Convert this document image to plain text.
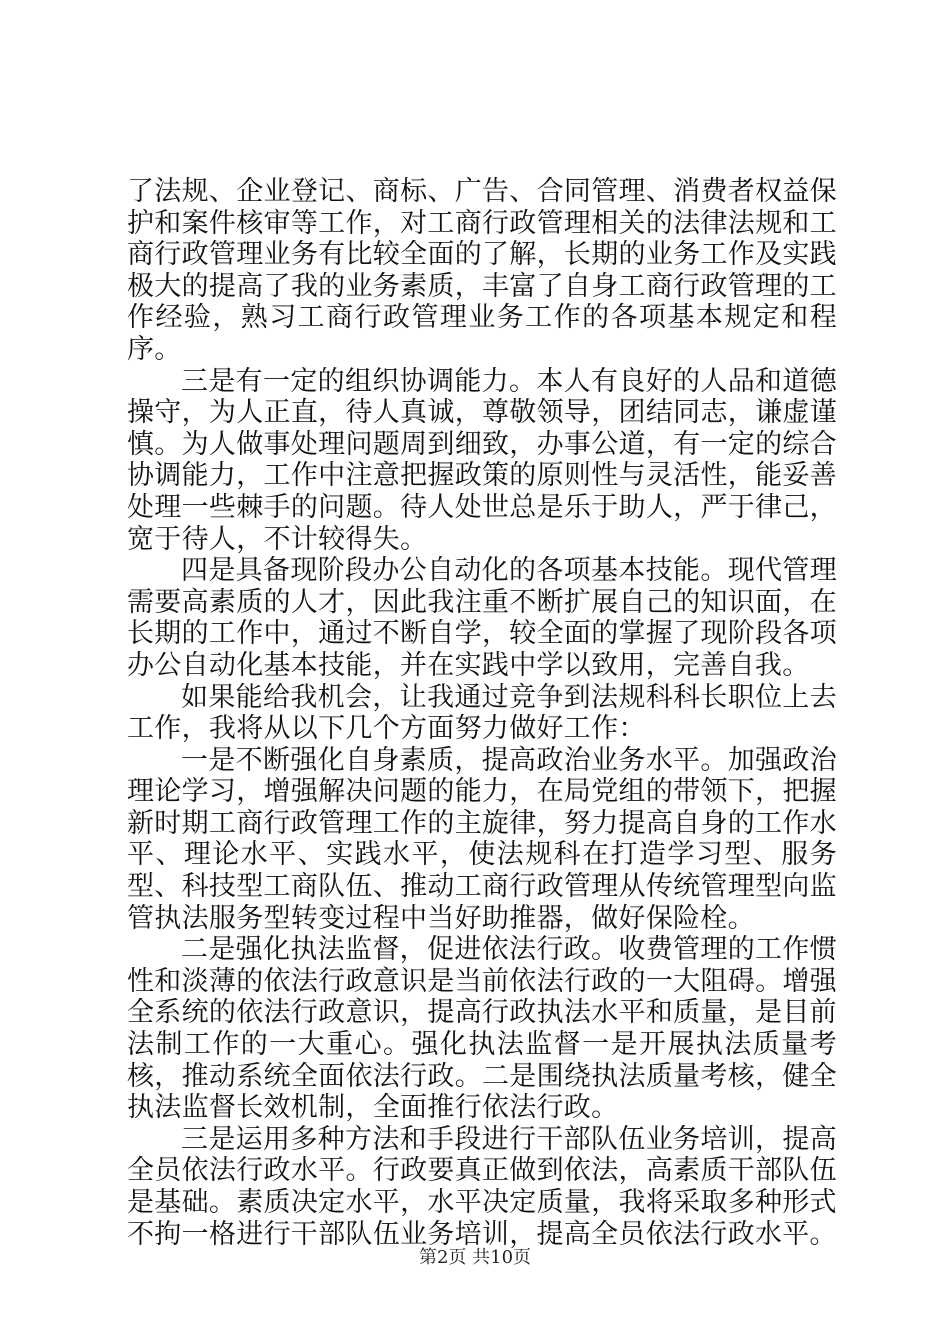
了法规、企业登记、商标、广告、合同管理、消费者权益保护和案件核审等工作，对工商行政管理相关的法律法规和工商行政管理业务有比较全面的了解，长期的业务工作及实践极大的提高了我的业务素质，丰富了自身工商行政管理的工作经验，熟习工商行政管理业务工作的各项基本规定和程序。

三是有一定的组织协调能力。本人有良好的人品和道德操守，为人正直，待人真诚，尊敬领导，团结同志，谦虚谨慎。为人做事处理问题周到细致，办事公道，有一定的综合协调能力，工作中注意把握政策的原则性与灵活性，能妥善处理一些棘手的问题。待人处世总是乐于助人，严于律己，宽于待人，不计较得失。

四是具备现阶段办公自动化的各项基本技能。现代管理需要高素质的人才，因此我注重不断扩展自己的知识面，在长期的工作中，通过不断自学，较全面的掌握了现阶段各项办公自动化基本技能，并在实践中学以致用，完善自我。

如果能给我机会，让我通过竞争到法规科科长职位上去工作，我将从以下几个方面努力做好工作：

一是不断强化自身素质，提高政治业务水平。加强政治理论学习，增强解决问题的能力，在局党组的带领下，把握新时期工商行政管理工作的主旋律，努力提高自身的工作水平、理论水平、实践水平，使法规科在打造学习型、服务型、科技型工商队伍、推动工商行政管理从传统管理型向监管执法服务型转变过程中当好助推器，做好保险栓。

二是强化执法监督，促进依法行政。收费管理的工作惯性和淡薄的依法行政意识是当前依法行政的一大阻碍。增强全系统的依法行政意识，提高行政执法水平和质量，是目前法制工作的一大重心。强化执法监督一是开展执法质量考核，推动系统全面依法行政。二是围绕执法质量考核，健全执法监督长效机制，全面推行依法行政。

三是运用多种方法和手段进行干部队伍业务培训，提高全员依法行政水平。行政要真正做到依法，高素质干部队伍是基础。素质决定水平，水平决定质量，我将采取多种形式不拘一格进行干部队伍业务培训，提高全员依法行政水平。

第2页 共10页
